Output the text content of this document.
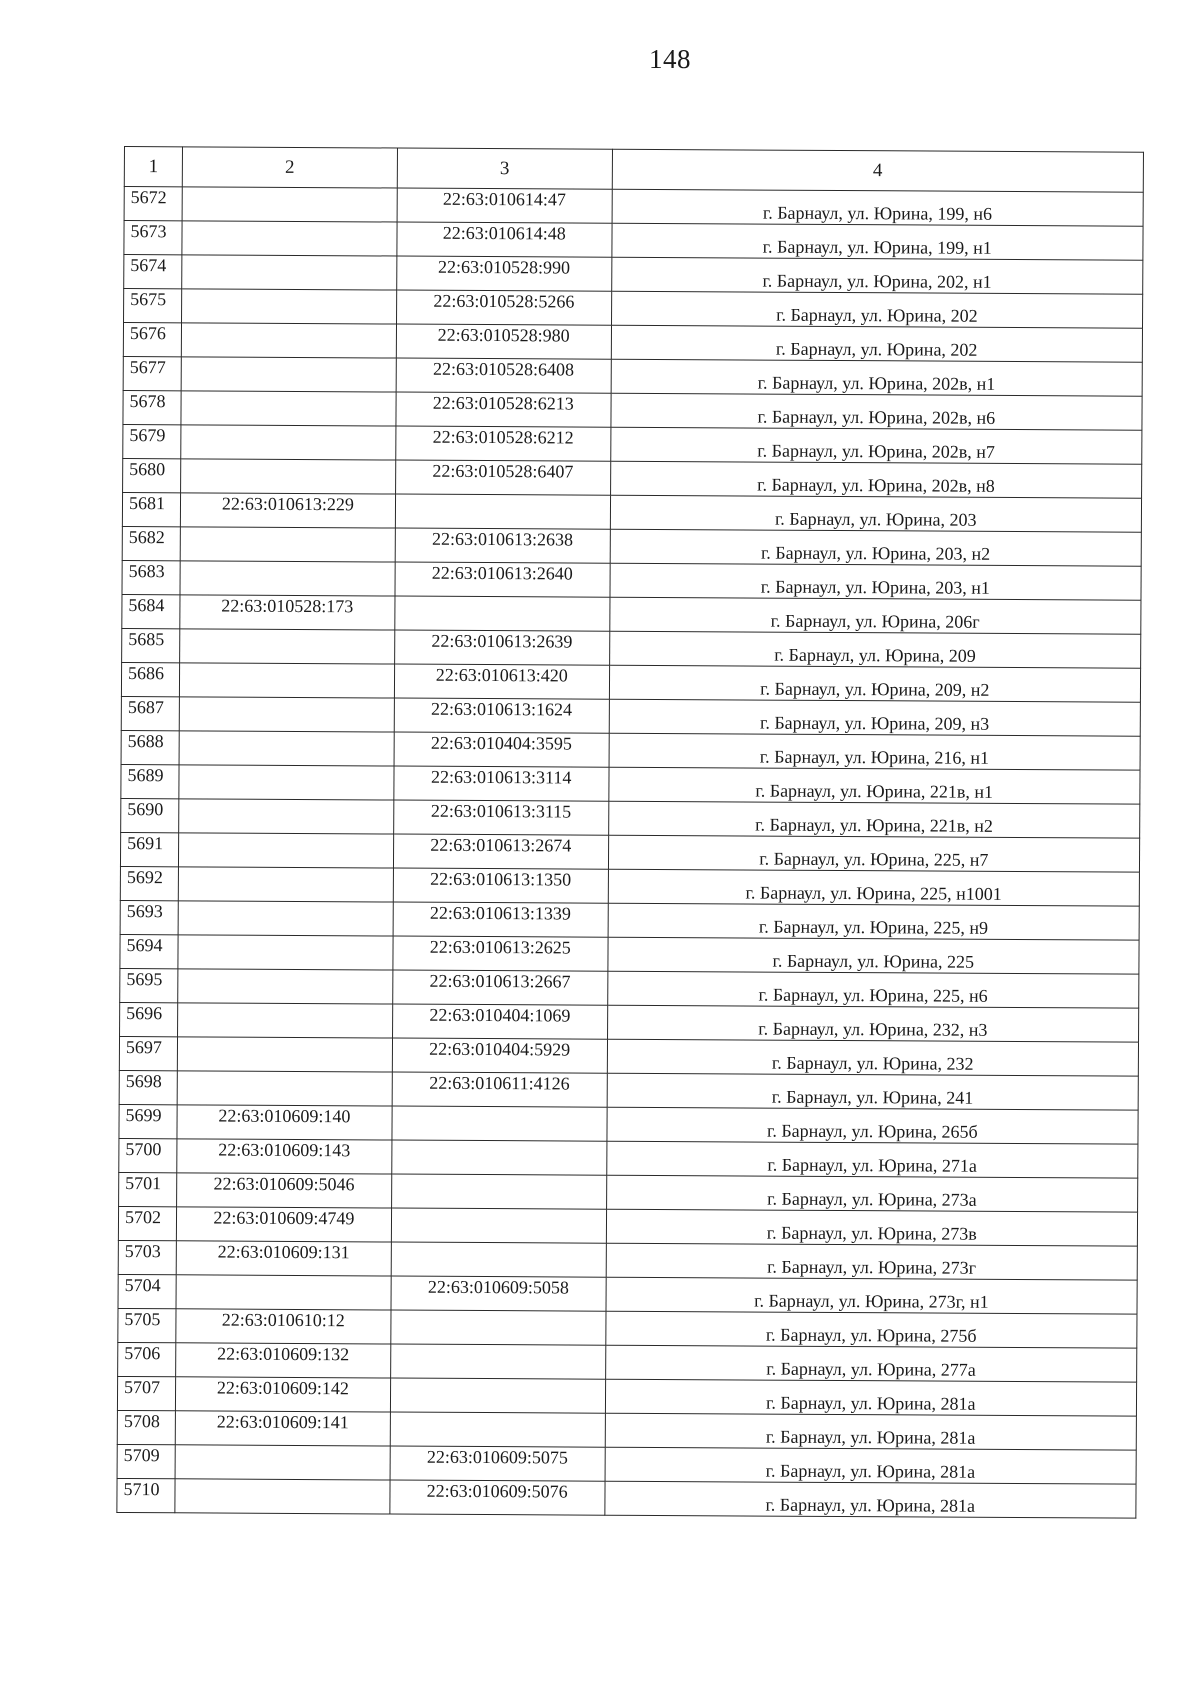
148
1	2	3	4
5672		22:63:010614:47	г. Барнаул, ул. Юрина, 199, н6
5673		22:63:010614:48	г. Барнаул, ул. Юрина, 199, н1
5674		22:63:010528:990	г. Барнаул, ул. Юрина, 202, н1
5675		22:63:010528:5266	г. Барнаул, ул. Юрина, 202
5676		22:63:010528:980	г. Барнаул, ул. Юрина, 202
5677		22:63:010528:6408	г. Барнаул, ул. Юрина, 202в, н1
5678		22:63:010528:6213	г. Барнаул, ул. Юрина, 202в, н6
5679		22:63:010528:6212	г. Барнаул, ул. Юрина, 202в, н7
5680		22:63:010528:6407	г. Барнаул, ул. Юрина, 202в, н8
5681	22:63:010613:229		г. Барнаул, ул. Юрина, 203
5682		22:63:010613:2638	г. Барнаул, ул. Юрина, 203, н2
5683		22:63:010613:2640	г. Барнаул, ул. Юрина, 203, н1
5684	22:63:010528:173		г. Барнаул, ул. Юрина, 206г
5685		22:63:010613:2639	г. Барнаул, ул. Юрина, 209
5686		22:63:010613:420	г. Барнаул, ул. Юрина, 209, н2
5687		22:63:010613:1624	г. Барнаул, ул. Юрина, 209, н3
5688		22:63:010404:3595	г. Барнаул, ул. Юрина, 216, н1
5689		22:63:010613:3114	г. Барнаул, ул. Юрина, 221в, н1
5690		22:63:010613:3115	г. Барнаул, ул. Юрина, 221в, н2
5691		22:63:010613:2674	г. Барнаул, ул. Юрина, 225, н7
5692		22:63:010613:1350	г. Барнаул, ул. Юрина, 225, н1001
5693		22:63:010613:1339	г. Барнаул, ул. Юрина, 225, н9
5694		22:63:010613:2625	г. Барнаул, ул. Юрина, 225
5695		22:63:010613:2667	г. Барнаул, ул. Юрина, 225, н6
5696		22:63:010404:1069	г. Барнаул, ул. Юрина, 232, н3
5697		22:63:010404:5929	г. Барнаул, ул. Юрина, 232
5698		22:63:010611:4126	г. Барнаул, ул. Юрина, 241
5699	22:63:010609:140		г. Барнаул, ул. Юрина, 265б
5700	22:63:010609:143		г. Барнаул, ул. Юрина, 271а
5701	22:63:010609:5046		г. Барнаул, ул. Юрина, 273а
5702	22:63:010609:4749		г. Барнаул, ул. Юрина, 273в
5703	22:63:010609:131		г. Барнаул, ул. Юрина, 273г
5704		22:63:010609:5058	г. Барнаул, ул. Юрина, 273г, н1
5705	22:63:010610:12		г. Барнаул, ул. Юрина, 275б
5706	22:63:010609:132		г. Барнаул, ул. Юрина, 277а
5707	22:63:010609:142		г. Барнаул, ул. Юрина, 281а
5708	22:63:010609:141		г. Барнаул, ул. Юрина, 281а
5709		22:63:010609:5075	г. Барнаул, ул. Юрина, 281а
5710		22:63:010609:5076	г. Барнаул, ул. Юрина, 281а
